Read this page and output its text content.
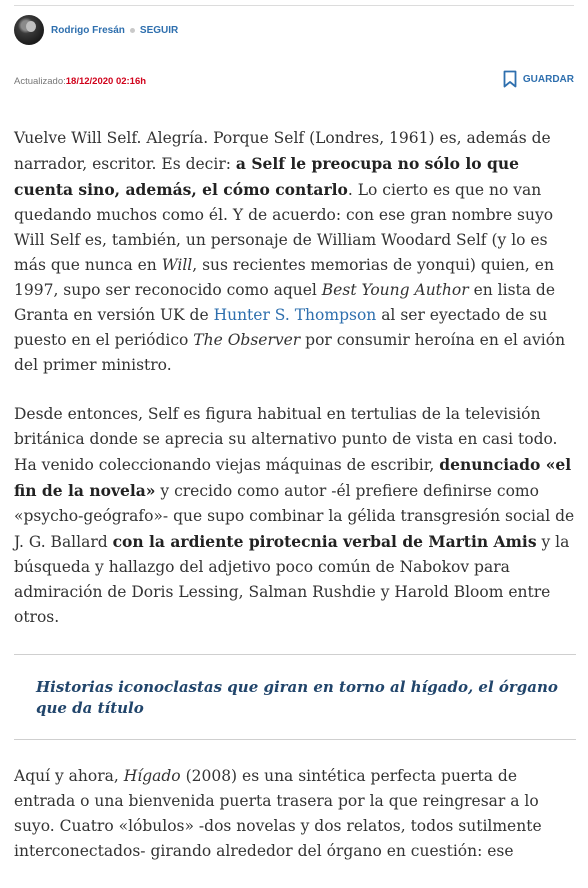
Rodrigo Fresán SEGUIR
Actualizado:18/12/2020 02:16h	GUARDAR

Vuelve Will Self. Alegría. Porque Self (Londres, 1961) es, además de narrador, escritor. Es decir: a Self le preocupa no sólo lo que cuenta sino, además, el cómo contarlo. Lo cierto es que no van quedando muchos como él. Y de acuerdo: con ese gran nombre suyo Will Self es, también, un personaje de William Woodard Self (y lo es más que nunca en Will, sus recientes memorias de yonqui) quien, en 1997, supo ser reconocido como aquel Best Young Author en lista de Granta en versión UK de Hunter S. Thompson al ser eyectado de su puesto en el periódico The Observer por consumir heroína en el avión del primer ministro.

Desde entonces, Self es figura habitual en tertulias de la televisión británica donde se aprecia su alternativo punto de vista en casi todo. Ha venido coleccionando viejas máquinas de escribir, denunciado «el fin de la novela» y crecido como autor -él prefiere definirse como «psycho-geógrafo»- que supo combinar la gélida transgresión social de J. G. Ballard con la ardiente pirotecnia verbal de Martin Amis y la búsqueda y hallazgo del adjetivo poco común de Nabokov para admiración de Doris Lessing, Salman Rushdie y Harold Bloom entre otros.

Historias iconoclastas que giran en torno al hígado, el órgano que da título

Aquí y ahora, Hígado (2008) es una sintética perfecta puerta de entrada o una bienvenida puerta trasera por la que reingresar a lo suyo. Cuatro «lóbulos» -dos novelas y dos relatos, todos sutilmente interconectados- girando alrededor del órgano en cuestión: ese
